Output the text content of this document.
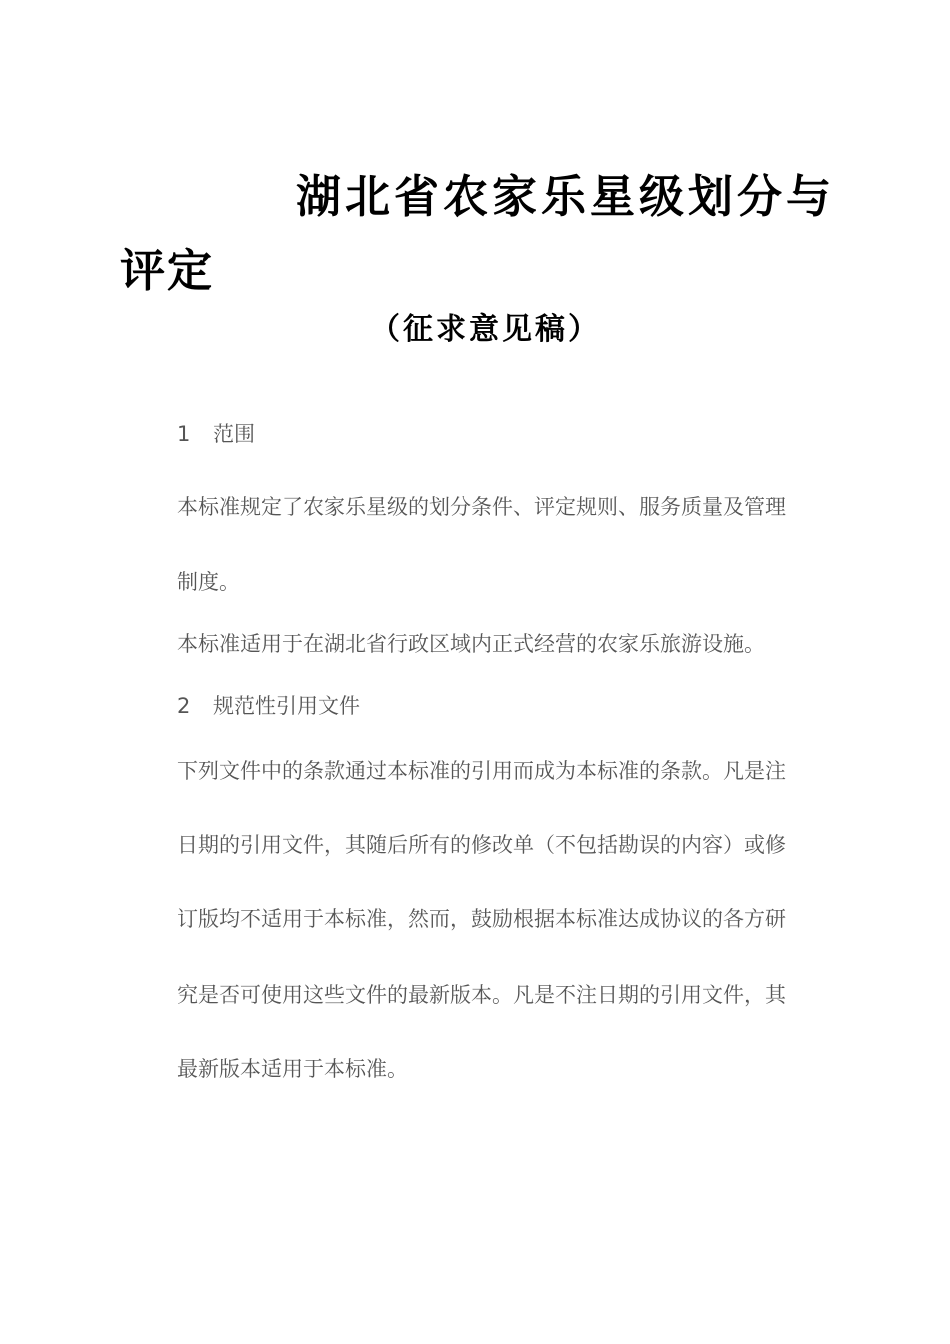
湖北省农家乐星级划分与
评定
（征求意见稿）
1 范围
本标准规定了农家乐星级的划分条件、评定规则、服务质量及管理
制度。
本标准适用于在湖北省行政区域内正式经营的农家乐旅游设施。
2 规范性引用文件
下列文件中的条款通过本标准的引用而成为本标准的条款。凡是注
日期的引用文件，其随后所有的修改单（不包括勘误的内容）或修
订版均不适用于本标准，然而，鼓励根据本标准达成协议的各方研
究是否可使用这些文件的最新版本。凡是不注日期的引用文件，其
最新版本适用于本标准。
